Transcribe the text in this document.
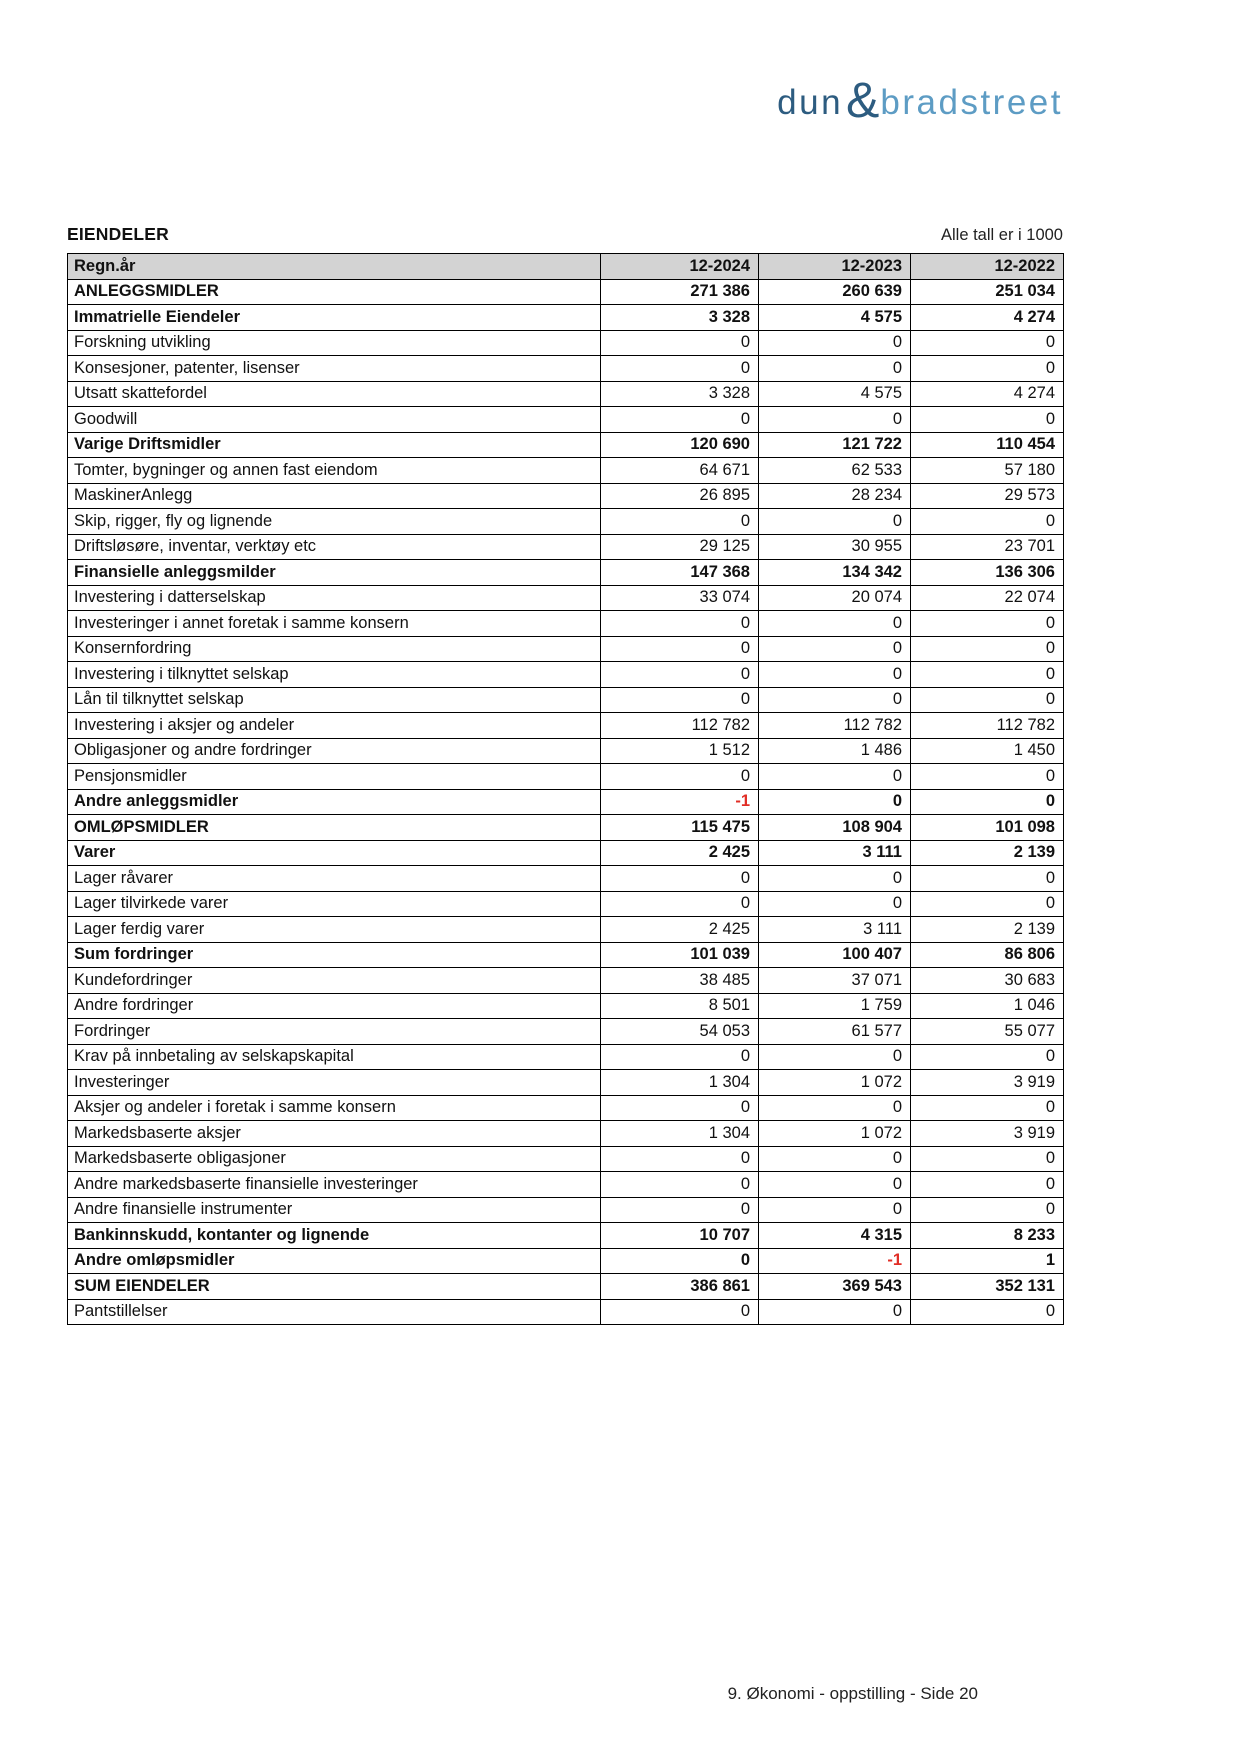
dun & bradstreet
EIENDELER	Alle tall er i 1000
Regn.år	12-2024	12-2023	12-2022
ANLEGGSMIDLER	271 386	260 639	251 034
Immatrielle Eiendeler	3 328	4 575	4 274
Forskning utvikling	0	0	0
Konsesjoner, patenter, lisenser	0	0	0
Utsatt skattefordel	3 328	4 575	4 274
Goodwill	0	0	0
Varige Driftsmidler	120 690	121 722	110 454
Tomter, bygninger og annen fast eiendom	64 671	62 533	57 180
MaskinerAnlegg	26 895	28 234	29 573
Skip, rigger, fly og lignende	0	0	0
Driftsløsøre, inventar, verktøy etc	29 125	30 955	23 701
Finansielle anleggsmilder	147 368	134 342	136 306
Investering i datterselskap	33 074	20 074	22 074
Investeringer i annet foretak i samme konsern	0	0	0
Konsernfordring	0	0	0
Investering i tilknyttet selskap	0	0	0
Lån til tilknyttet selskap	0	0	0
Investering i aksjer og andeler	112 782	112 782	112 782
Obligasjoner og andre fordringer	1 512	1 486	1 450
Pensjonsmidler	0	0	0
Andre anleggsmidler	-1	0	0
OMLØPSMIDLER	115 475	108 904	101 098
Varer	2 425	3 111	2 139
Lager råvarer	0	0	0
Lager tilvirkede varer	0	0	0
Lager ferdig varer	2 425	3 111	2 139
Sum fordringer	101 039	100 407	86 806
Kundefordringer	38 485	37 071	30 683
Andre fordringer	8 501	1 759	1 046
Fordringer	54 053	61 577	55 077
Krav på innbetaling av selskapskapital	0	0	0
Investeringer	1 304	1 072	3 919
Aksjer og andeler i foretak i samme konsern	0	0	0
Markedsbaserte aksjer	1 304	1 072	3 919
Markedsbaserte obligasjoner	0	0	0
Andre markedsbaserte finansielle investeringer	0	0	0
Andre finansielle instrumenter	0	0	0
Bankinnskudd, kontanter og lignende	10 707	4 315	8 233
Andre omløpsmidler	0	-1	1
SUM EIENDELER	386 861	369 543	352 131
Pantstillelser	0	0	0
9. Økonomi - oppstilling - Side 20
